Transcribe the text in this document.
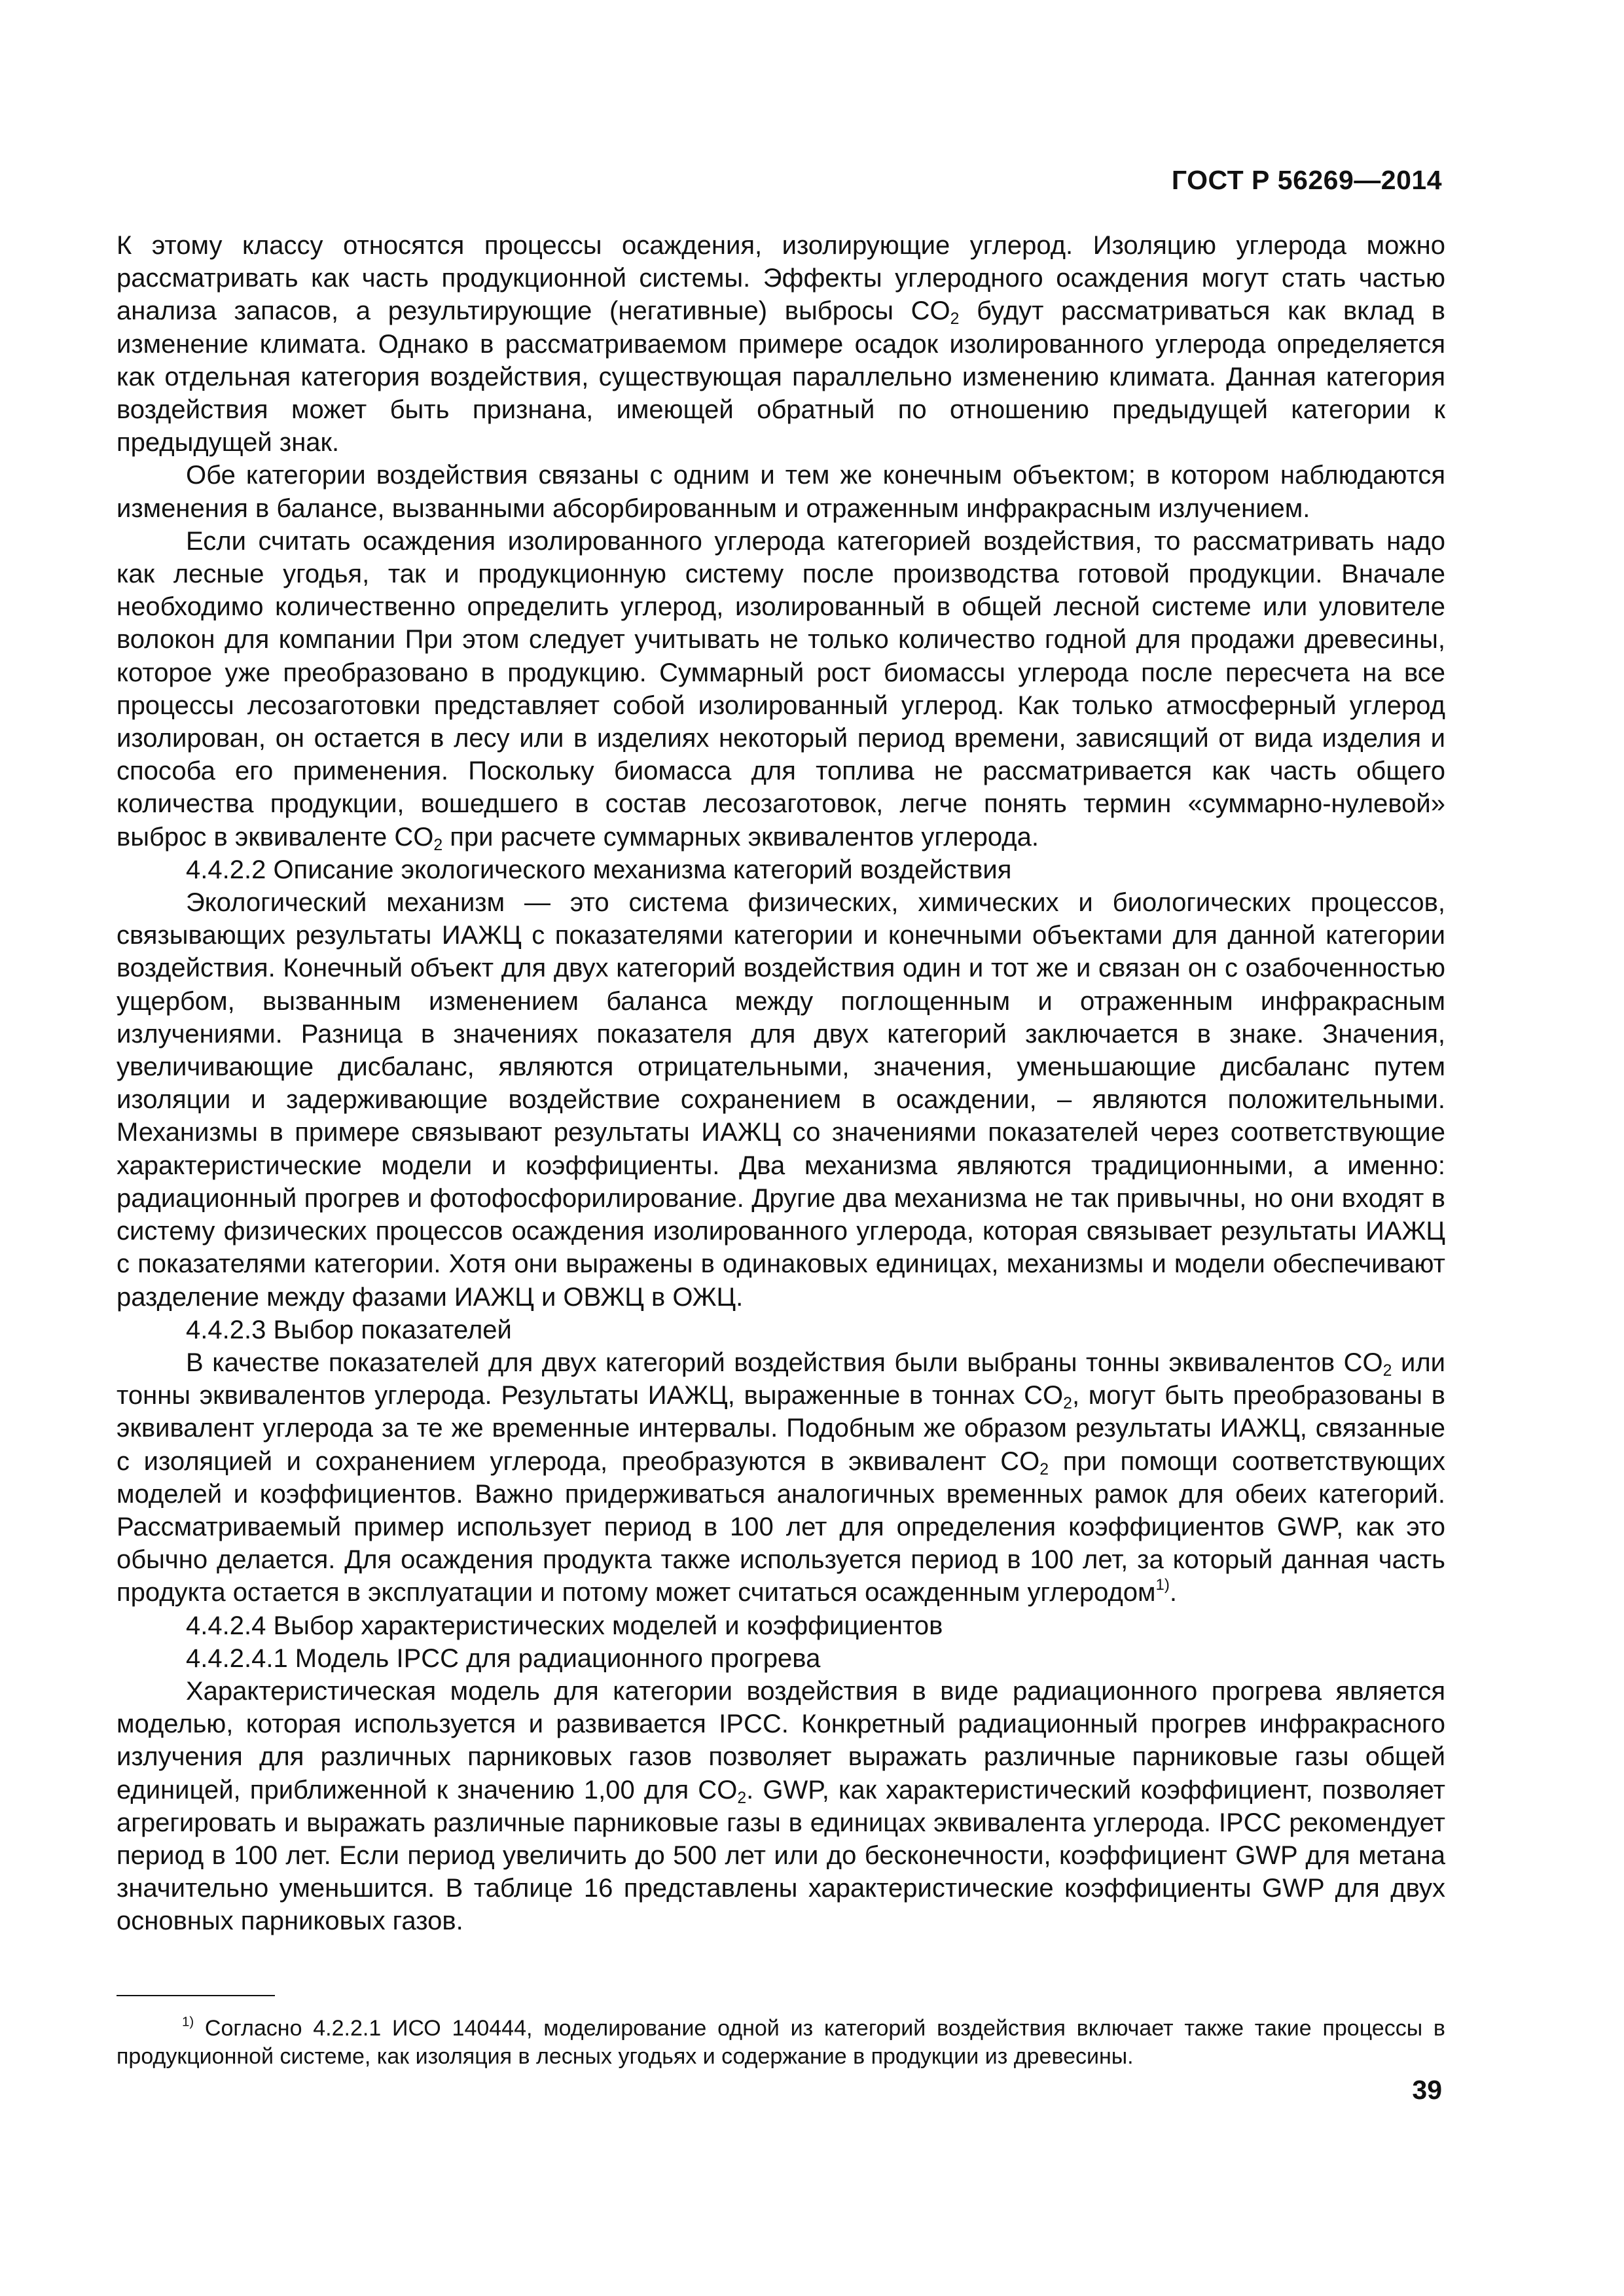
ГОСТ Р 56269—2014

К этому классу относятся процессы осаждения, изолирующие углерод. Изоляцию углерода можно рассматривать как часть продукционной системы. Эффекты углеродного осаждения могут стать частью анализа запасов, а результирующие (негативные) выбросы $CO_2$ будут рассматриваться как вклад в изменение климата. Однако в рассматриваемом примере осадок изолированного углерода определяется как отдельная категория воздействия, существующая параллельно изменению климата. Данная категория воздействия может быть признана, имеющей обратный по отношению предыдущей категории к предыдущей знак.

Обе категории воздействия связаны с одним и тем же конечным объектом; в котором наблюдаются изменения в балансе, вызванными абсорбированным и отраженным инфракрасным излучением.

Если считать осаждения изолированного углерода категорией воздействия, то рассматривать надо как лесные угодья, так и продукционную систему после производства готовой продукции. Вначале необходимо количественно определить углерод, изолированный в общей лесной системе или уловителе волокон для компании При этом следует учитывать не только количество годной для продажи древесины, которое уже преобразовано в продукцию. Суммарный рост биомассы углерода после пересчета на все процессы лесозаготовки представляет собой изолированный углерод. Как только атмосферный углерод изолирован, он остается в лесу или в изделиях некоторый период времени, зависящий от вида изделия и способа его применения. Поскольку биомасса для топлива не рассматривается как часть общего количества продукции, вошедшего в состав лесозаготовок, легче понять термин «суммарно-нулевой» выброс в эквиваленте $CO_2$ при расчете суммарных эквивалентов углерода.

4.4.2.2 Описание экологического механизма категорий воздействия

Экологический механизм — это система физических, химических и биологических процессов, связывающих результаты ИАЖЦ с показателями категории и конечными объектами для данной категории воздействия. Конечный объект для двух категорий воздействия один и тот же и связан он с озабоченностью ущербом, вызванным изменением баланса между поглощенным и отраженным инфракрасным излучениями. Разница в значениях показателя для двух категорий заключается в знаке. Значения, увеличивающие дисбаланс, являются отрицательными, значения, уменьшающие дисбаланс путем изоляции и задерживающие воздействие сохранением в осаждении, – являются положительными. Механизмы в примере связывают результаты ИАЖЦ со значениями показателей через соответствующие характеристические модели и коэффициенты. Два механизма являются традиционными, а именно: радиационный прогрев и фотофосфорилирование. Другие два механизма не так привычны, но они входят в систему физических процессов осаждения изолированного углерода, которая связывает результаты ИАЖЦ с показателями категории. Хотя они выражены в одинаковых единицах, механизмы и модели обеспечивают разделение между фазами ИАЖЦ и ОВЖЦ в ОЖЦ.

4.4.2.3 Выбор показателей

В качестве показателей для двух категорий воздействия были выбраны тонны эквивалентов $CO_2$ или тонны эквивалентов углерода. Результаты ИАЖЦ, выраженные в тоннах $CO_2$, могут быть преобразованы в эквивалент углерода за те же временные интервалы. Подобным же образом результаты ИАЖЦ, связанные с изоляцией и сохранением углерода, преобразуются в эквивалент $CO_2$ при помощи соответствующих моделей и коэффициентов. Важно придерживаться аналогичных временных рамок для обеих категорий. Рассматриваемый пример использует период в 100 лет для определения коэффициентов GWP, как это обычно делается. Для осаждения продукта также используется период в 100 лет, за который данная часть продукта остается в эксплуатации и потому может считаться осажденным углеродом$^{1)}$.

4.4.2.4 Выбор характеристических моделей и коэффициентов

4.4.2.4.1 Модель IPCC для радиационного прогрева

Характеристическая модель для категории воздействия в виде радиационного прогрева является моделью, которая используется и развивается IPCC. Конкретный радиационный прогрев инфракрасного излучения для различных парниковых газов позволяет выражать различные парниковые газы общей единицей, приближенной к значению 1,00 для $CO_2$. GWP, как характеристический коэффициент, позволяет агрегировать и выражать различные парниковые газы в единицах эквивалента углерода. IPCC рекомендует период в 100 лет. Если период увеличить до 500 лет или до бесконечности, коэффициент GWP для метана значительно уменьшится. В таблице 16 представлены характеристические коэффициенты GWP для двух основных парниковых газов.

$^{1)}$ Согласно 4.2.2.1 ИСО 140444, моделирование одной из категорий воздействия включает также такие процессы в продукционной системе, как изоляция в лесных угодьях и содержание в продукции из древесины.

39
